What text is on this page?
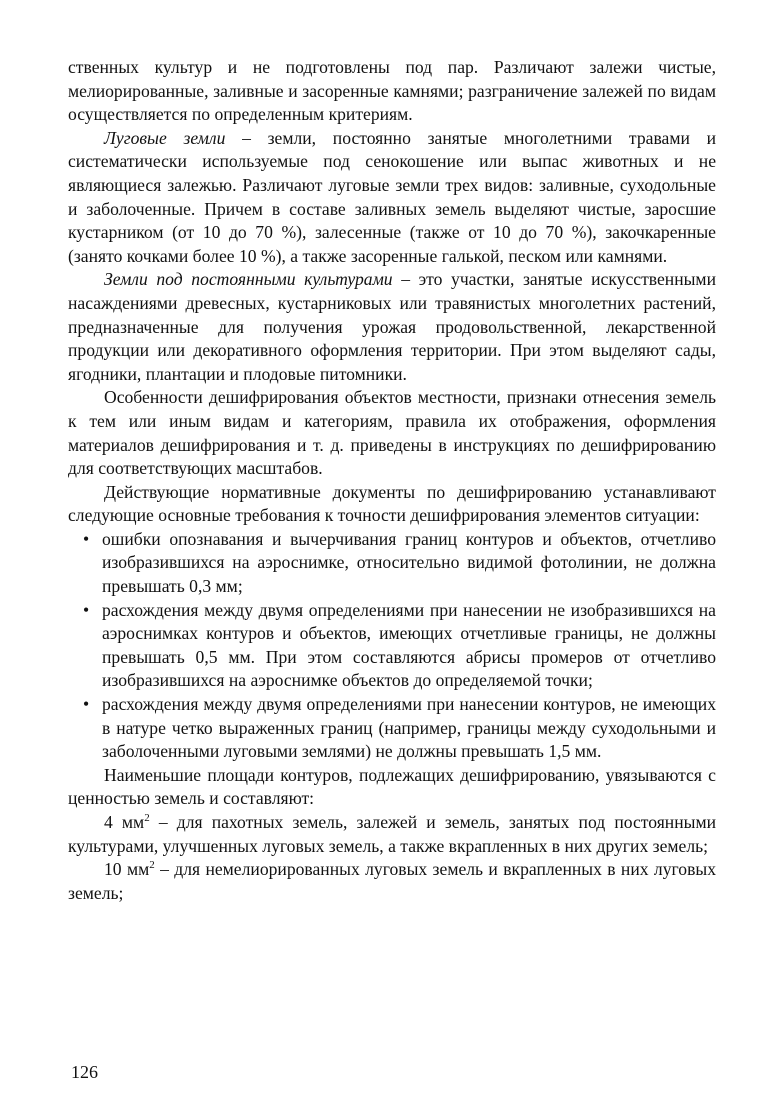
ственных культур и не подготовлены под пар. Различают залежи чистые, мелиорированные, заливные и засоренные камнями; разграничение залежей по видам осуществляется по определенным критериям.

Луговые земли – земли, постоянно занятые многолетними травами и систематически используемые под сенокошение или выпас животных и не являющиеся залежью. Различают луговые земли трех видов: заливные, суходольные и заболоченные. Причем в составе заливных земель выделяют чистые, заросшие кустарником (от 10 до 70 %), залесенные (также от 10 до 70 %), закочкаренные (занято кочками более 10 %), а также засоренные галькой, песком или камнями.

Земли под постоянными культурами – это участки, занятые искусственными насаждениями древесных, кустарниковых или травянистых многолетних растений, предназначенные для получения урожая продовольственной, лекарственной продукции или декоративного оформления территории. При этом выделяют сады, ягодники, плантации и плодовые питомники.

Особенности дешифрирования объектов местности, признаки отнесения земель к тем или иным видам и категориям, правила их отображения, оформления материалов дешифрирования и т. д. приведены в инструкциях по дешифрированию для соответствующих масштабов.

Действующие нормативные документы по дешифрированию устанавливают следующие основные требования к точности дешифрирования элементов ситуации:

• ошибки опознавания и вычерчивания границ контуров и объектов, отчетливо изобразившихся на аэроснимке, относительно видимой фотолинии, не должна превышать 0,3 мм;
• расхождения между двумя определениями при нанесении не изобразившихся на аэроснимках контуров и объектов, имеющих отчетливые границы, не должны превышать 0,5 мм. При этом составляются абрисы промеров от отчетливо изобразившихся на аэроснимке объектов до определяемой точки;
• расхождения между двумя определениями при нанесении контуров, не имеющих в натуре четко выраженных границ (например, границы между суходольными и заболоченными луговыми землями) не должны превышать 1,5 мм.

Наименьшие площади контуров, подлежащих дешифрированию, увязываются с ценностью земель и составляют:

4 $мм^2$ – для пахотных земель, залежей и земель, занятых под постоянными культурами, улучшенных луговых земель, а также вкрапленных в них других земель;

10 $мм^2$ – для немелиорированных луговых земель и вкрапленных в них луговых земель;

126
